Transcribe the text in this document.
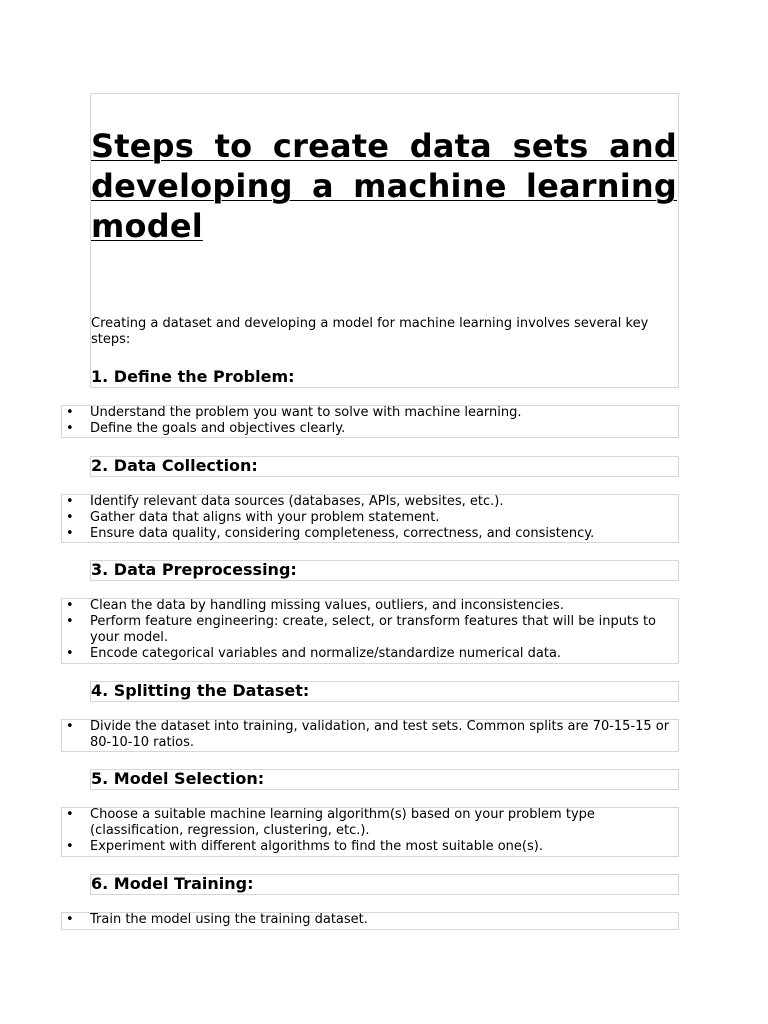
Steps to create data sets and developing a machine learning model

Creating a dataset and developing a model for machine learning involves several key steps:

1. Define the Problem:
• Understand the problem you want to solve with machine learning.
• Define the goals and objectives clearly.
2. Data Collection:
• Identify relevant data sources (databases, APIs, websites, etc.).
• Gather data that aligns with your problem statement.
• Ensure data quality, considering completeness, correctness, and consistency.
3. Data Preprocessing:
• Clean the data by handling missing values, outliers, and inconsistencies.
• Perform feature engineering: create, select, or transform features that will be inputs to your model.
• Encode categorical variables and normalize/standardize numerical data.
4. Splitting the Dataset:
• Divide the dataset into training, validation, and test sets. Common splits are 70-15-15 or 80-10-10 ratios.
5. Model Selection:
• Choose a suitable machine learning algorithm(s) based on your problem type (classification, regression, clustering, etc.).
• Experiment with different algorithms to find the most suitable one(s).
6. Model Training:
• Train the model using the training dataset.
